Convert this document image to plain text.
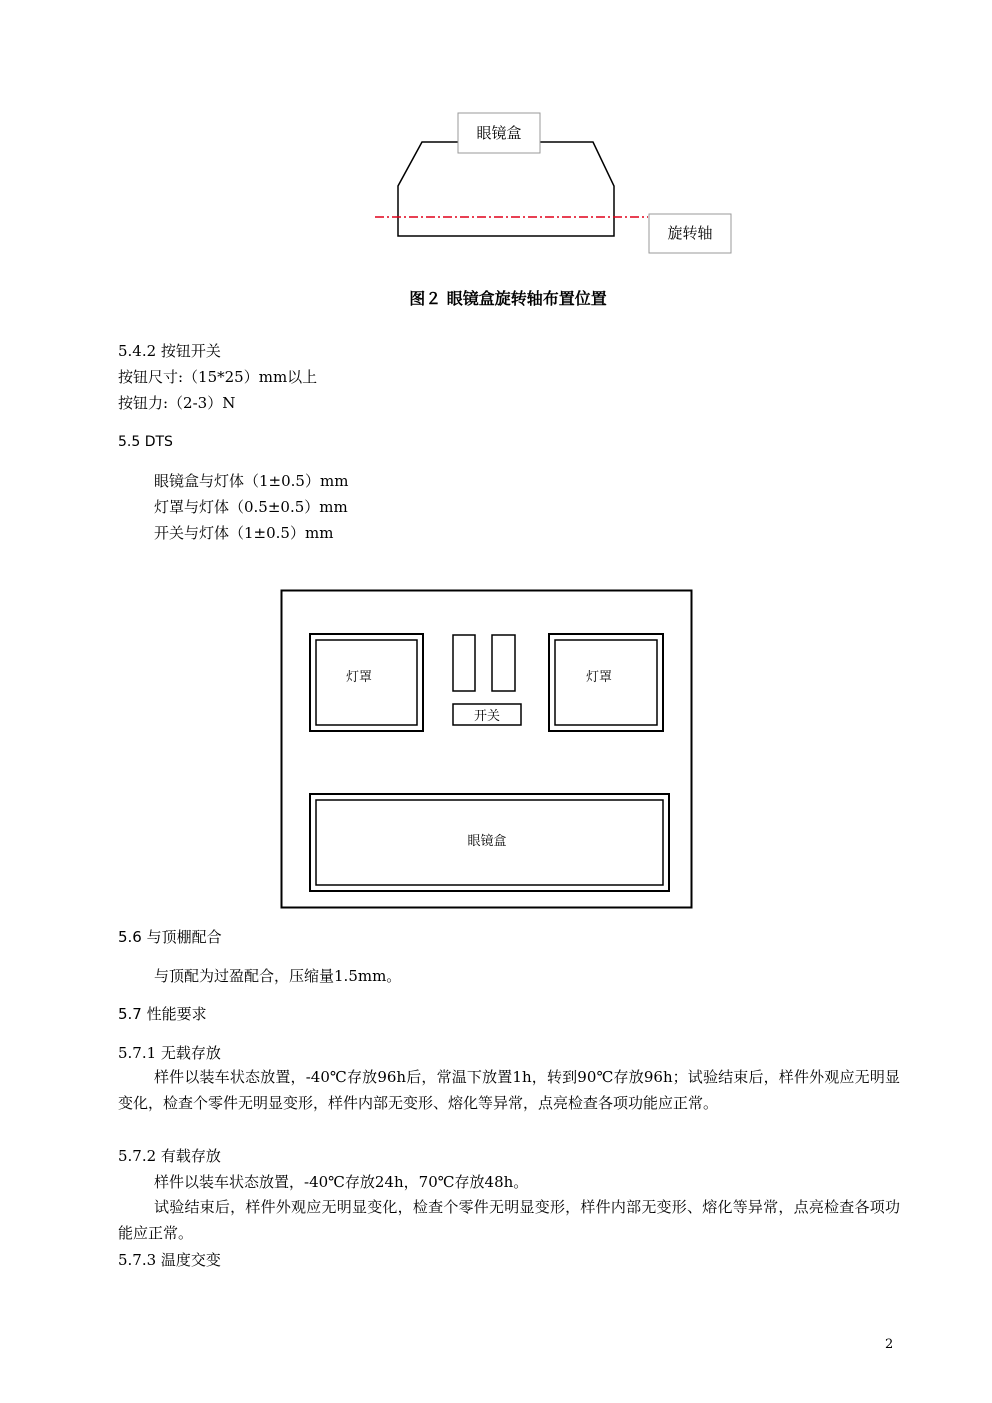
眼镜盒
旋转轴
图２ 眼镜盒旋转轴布置位置
5.4.2 按钮开关
按钮尺寸:（15*25）mm以上
按钮力:（2-3）N
5.5 DTS
眼镜盒与灯体（1±0.5）mm
灯罩与灯体（0.5±0.5）mm
开关与灯体（1±0.5）mm
灯罩	灯罩
开关
眼镜盒
5.6 与顶棚配合
与顶配为过盈配合，压缩量1.5mm。
5.7 性能要求
5.7.1 无载存放
样件以装车状态放置，-40℃存放96h后，常温下放置1h，转到90℃存放96h；试验结束后，样件外观应无明显变化，检查个零件无明显变形，样件内部无变形、熔化等异常，点亮检查各项功能应正常。
5.7.2 有载存放
样件以装车状态放置，-40℃存放24h，70℃存放48h。
试验结束后，样件外观应无明显变化，检查个零件无明显变形，样件内部无变形、熔化等异常，点亮检查各项功能应正常。
5.7.3 温度交变
2
